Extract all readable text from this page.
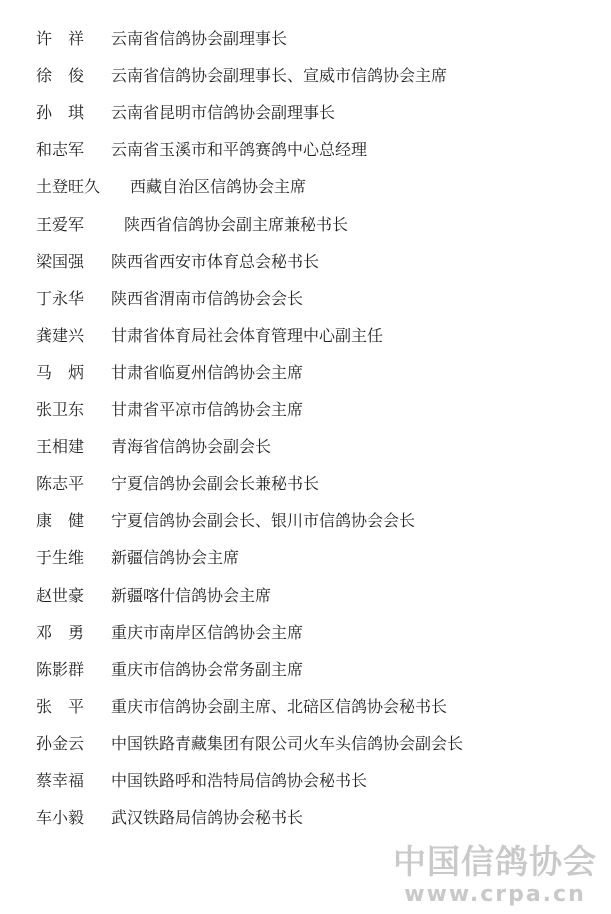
许　祥 云南省信鸽协会副理事长
徐　俊 云南省信鸽协会副理事长、宣威市信鸽协会主席
孙　琪 云南省昆明市信鸽协会副理事长
和志军 云南省玉溪市和平鸽赛鸽中心总经理
土登旺久 西藏自治区信鸽协会主席
王爱军 陕西省信鸽协会副主席兼秘书长
梁国强 陕西省西安市体育总会秘书长
丁永华 陕西省渭南市信鸽协会会长
龚建兴 甘肃省体育局社会体育管理中心副主任
马　炳 甘肃省临夏州信鸽协会主席
张卫东 甘肃省平凉市信鸽协会主席
王相建 青海省信鸽协会副会长
陈志平 宁夏信鸽协会副会长兼秘书长
康　健 宁夏信鸽协会副会长、银川市信鸽协会会长
于生维 新疆信鸽协会主席
赵世豪 新疆喀什信鸽协会主席
邓　勇 重庆市南岸区信鸽协会主席
陈影群 重庆市信鸽协会常务副主席
张　平 重庆市信鸽协会副主席、北碚区信鸽协会秘书长
孙金云 中国铁路青藏集团有限公司火车头信鸽协会副会长
蔡幸福 中国铁路呼和浩特局信鸽协会秘书长
车小毅 武汉铁路局信鸽协会秘书长
中国信鸽协会
www.crpa.cn
